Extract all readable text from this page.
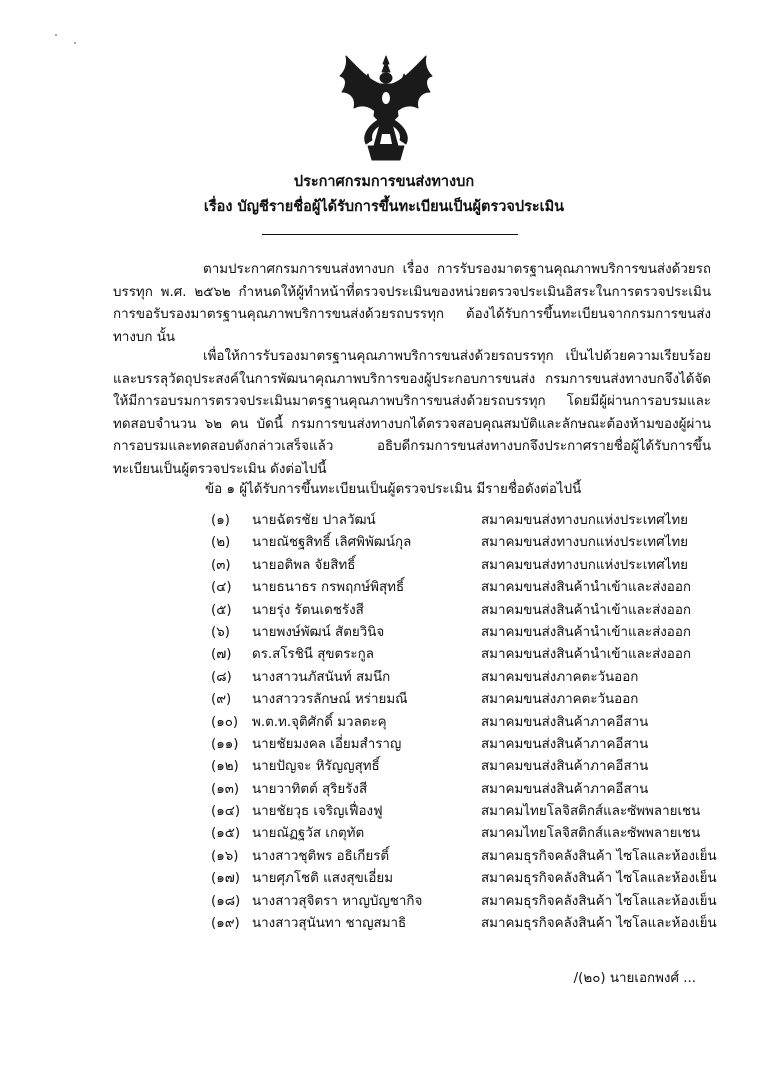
ประกาศกรมการขนส่งทางบก
เรื่อง บัญชีรายชื่อผู้ได้รับการขึ้นทะเบียนเป็นผู้ตรวจประเมิน
ตามประกาศกรมการขนส่งทางบก เรื่อง การรับรองมาตรฐานคุณภาพบริการขนส่งด้วยรถบรรทุก พ.ศ. ๒๕๖๒ กำหนดให้ผู้ทำหน้าที่ตรวจประเมินของหน่วยตรวจประเมินอิสระในการตรวจประเมินการขอรับรองมาตรฐานคุณภาพบริการขนส่งด้วยรถบรรทุก ต้องได้รับการขึ้นทะเบียนจากกรมการขนส่งทางบก นั้น
เพื่อให้การรับรองมาตรฐานคุณภาพบริการขนส่งด้วยรถบรรทุก เป็นไปด้วยความเรียบร้อยและบรรลุวัตถุประสงค์ในการพัฒนาคุณภาพบริการของผู้ประกอบการขนส่ง กรมการขนส่งทางบกจึงได้จัดให้มีการอบรมการตรวจประเมินมาตรฐานคุณภาพบริการขนส่งด้วยรถบรรทุก โดยมีผู้ผ่านการอบรมและทดสอบจำนวน ๖๒ คน บัดนี้ กรมการขนส่งทางบกได้ตรวจสอบคุณสมบัติและลักษณะต้องห้ามของผู้ผ่านการอบรมและทดสอบดังกล่าวเสร็จแล้ว อธิบดีกรมการขนส่งทางบกจึงประกาศรายชื่อผู้ได้รับการขึ้นทะเบียนเป็นผู้ตรวจประเมิน ดังต่อไปนี้
ข้อ ๑ ผู้ได้รับการขึ้นทะเบียนเป็นผู้ตรวจประเมิน มีรายชื่อดังต่อไปนี้
(๑) นายฉัตรชัย ปาลวัฒน์	สมาคมขนส่งทางบกแห่งประเทศไทย
(๒) นายณัชฐสิทธิ์ เลิศพิพัฒน์กุล	สมาคมขนส่งทางบกแห่งประเทศไทย
(๓) นายอติพล จัยสิทธิ์	สมาคมขนส่งทางบกแห่งประเทศไทย
(๔) นายธนาธร กรพฤกษ์พิสุทธิ์	สมาคมขนส่งสินค้านำเข้าและส่งออก
(๕) นายรุ่ง รัตนเดชรังสี	สมาคมขนส่งสินค้านำเข้าและส่งออก
(๖) นายพงษ์พัฒน์ สัตยวินิจ	สมาคมขนส่งสินค้านำเข้าและส่งออก
(๗) ดร.สโรชินี สุขตระกูล	สมาคมขนส่งสินค้านำเข้าและส่งออก
(๘) นางสาวนภัสนันท์ สมนึก	สมาคมขนส่งภาคตะวันออก
(๙) นางสาววรลักษณ์ หร่ายมณี	สมาคมขนส่งภาคตะวันออก
(๑๐) พ.ต.ท.จุติศักดิ์ มวลตะคุ	สมาคมขนส่งสินค้าภาคอีสาน
(๑๑) นายชัยมงคล เอี่ยมสำราญ	สมาคมขนส่งสินค้าภาคอีสาน
(๑๒) นายปัญจะ หิรัญญสุทธิ์	สมาคมขนส่งสินค้าภาคอีสาน
(๑๓) นายวาทิตต์ สุริยรังสี	สมาคมขนส่งสินค้าภาคอีสาน
(๑๔) นายชัยวุธ เจริญเฟื่องฟู	สมาคมไทยโลจิสติกส์และซัพพลายเชน
(๑๕) นายณัฏฐวัส เกตุทัต	สมาคมไทยโลจิสติกส์และซัพพลายเชน
(๑๖) นางสาวชุติพร อธิเกียรติ์	สมาคมธุรกิจคลังสินค้า ไซโลและห้องเย็น
(๑๗) นายศุภโชติ แสงสุขเอี่ยม	สมาคมธุรกิจคลังสินค้า ไซโลและห้องเย็น
(๑๘) นางสาวสุจิตรา หาญบัญชากิจ	สมาคมธุรกิจคลังสินค้า ไซโลและห้องเย็น
(๑๙) นางสาวสุนันทา ชาญสมาธิ	สมาคมธุรกิจคลังสินค้า ไซโลและห้องเย็น
/(๒๐) นายเอกพงศ์ ...
